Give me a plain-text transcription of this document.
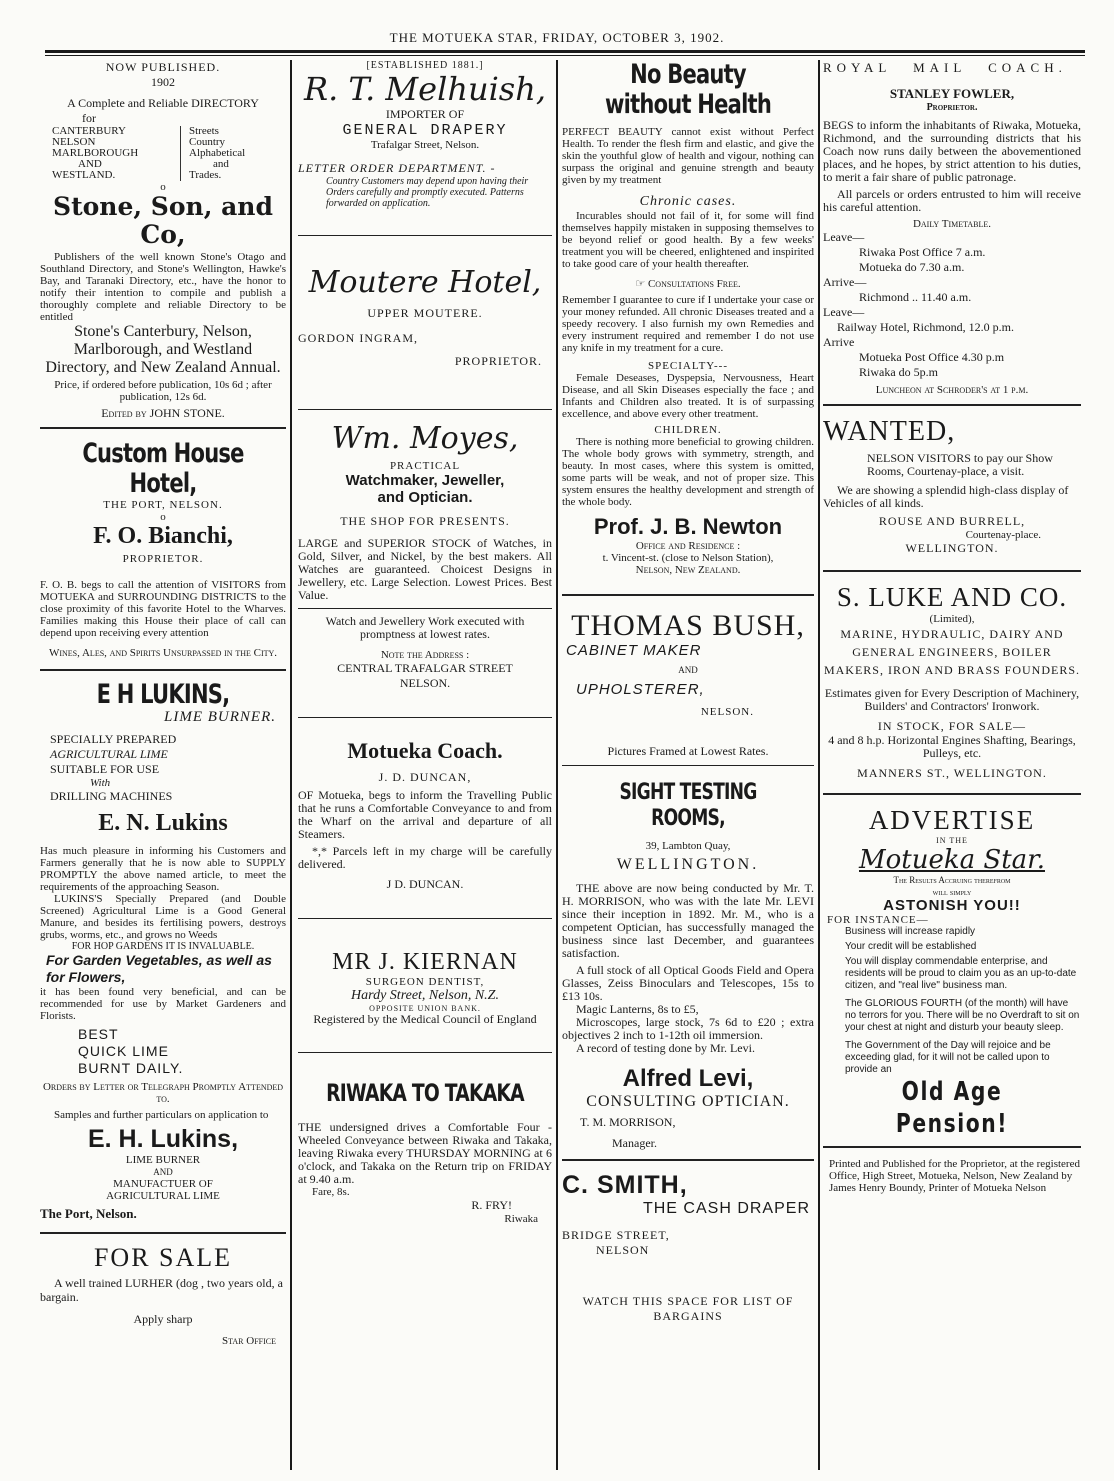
THE MOTUEKA STAR, FRIDAY, OCTOBER 3, 1902.

NOW PUBLISHED.

1902

A Complete and Reliable DIRECTORY

for

CANTERBURY
NELSON
MARLBOROUGH
AND
WESTLAND.
Streets
Country
Alphabetical
and
Trades.

o

Stone, Son, and Co,

Publishers of the well known Stone's Otago and Southland Directory, and Stone's Wellington, Hawke's Bay, and Taranaki Directory, etc., have the honor to notify their intention to compile and publish a thoroughly complete and reliable Directory to be entitled

Stone's Canterbury, Nelson, Marlborough, and Westland Directory, and New Zealand Annual.

Price, if ordered before publication, 10s 6d ; after publication, 12s 6d.

Edited by JOHN STONE.

Custom House Hotel,

THE PORT, NELSON.

o

F. O. Bianchi,

PROPRIETOR.

F. O. B. begs to call the attention of VISITORS from MOTUEKA and SURROUNDING DISTRICTS to the close proximity of this favorite Hotel to the Wharves. Families making this House their place of call can depend upon receiving every attention

Wines, Ales, and Spirits Unsurpassed in the City.

E H LUKINS,

LIME BURNER.

SPECIALLY PREPARED

AGRICULTURAL LIME

SUITABLE FOR USE

With

DRILLING MACHINES

E. N. Lukins

Has much pleasure in informing his Customers and Farmers generally that he is now able to SUPPLY PROMPTLY the above named article, to meet the requirements of the approaching Season.

LUKINS'S Specially Prepared (and Double Screened) Agricultural Lime is a Good General Manure, and besides its fertilising powers, destroys grubs, worms, etc., and grows no Weeds

FOR HOP GARDENS IT IS INVALUABLE.

For Garden Vegetables, as well as for Flowers,

it has been found very beneficial, and can be recommended for use by Market Gardeners and Florists.

BEST

QUICK LIME

BURNT DAILY.

Orders by Letter or Telegraph Promptly Attended to.

Samples and further particulars on application to

E. H. Lukins,

LIME BURNER

AND

MANUFACTUER OF

AGRICULTURAL LIME

The Port, Nelson.

FOR SALE

A well trained LURHER (dog , two years old, a bargain.

Apply sharp

Star Office

[ESTABLISHED 1881.]

R. T. Melhuish,

IMPORTER OF

GENERAL DRAPERY

Trafalgar Street, Nelson.

LETTER ORDER DEPARTMENT. -

Country Customers may depend upon having their Orders carefully and promptly executed. Patterns forwarded on application.

Moutere Hotel,

UPPER MOUTERE.

GORDON INGRAM,

PROPRIETOR.

Wm. Moyes,

PRACTICAL

Watchmaker, Jeweller,

and Optician.

THE SHOP FOR PRESENTS.

LARGE and SUPERIOR STOCK of Watches, in Gold, Silver, and Nickel, by the best makers. All Watches are guaranteed. Choicest Designs in Jewellery, etc. Large Selection. Lowest Prices. Best Value.

Watch and Jewellery Work executed with promptness at lowest rates.

Note the Address :

CENTRAL TRAFALGAR STREET

NELSON.

Motueka Coach.

J. D. DUNCAN,

OF Motueka, begs to inform the Travelling Public that he runs a Comfortable Conveyance to and from the Wharf on the arrival and departure of all Steamers.

*,* Parcels left in my charge will be carefully delivered.

J D. DUNCAN.

MR J. KIERNAN

SURGEON DENTIST,

Hardy Street, Nelson, N.Z.

OPPOSITE UNION BANK.

Registered by the Medical Council of England

RIWAKA TO TAKAKA

THE undersigned drives a Comfortable Four - Wheeled Conveyance between Riwaka and Takaka, leaving Riwaka every THURSDAY MORNING at 6 o'clock, and Takaka on the Return trip on FRIDAY at 9.40 a.m.

Fare, 8s.

R. FRY!

Riwaka

No Beauty without Health

PERFECT BEAUTY cannot exist without Perfect Health. To render the flesh firm and elastic, and give the skin the youthful glow of health and vigour, nothing can surpass the original and genuine strength and beauty given by my treatment

Chronic cases.

Incurables should not fail of it, for some will find themselves happily mistaken in supposing themselves to be beyond relief or good health. By a few weeks' treatment you will be cheered, enlightened and inspirited to take good care of your health thereafter.

☞ Consultations Free.

Remember I guarantee to cure if I undertake your case or your money refunded. All chronic Diseases treated and a speedy recovery. I also furnish my own Remedies and every instrument required and remember I do not use any knife in my treatment for a cure.

SPECIALTY---

Female Deseases, Dyspepsia, Nervousness, Heart Disease, and all Skin Diseases especially the face ; and Infants and Children also treated. It is of surpassing excellence, and above every other treatment.

CHILDREN.

There is nothing more beneficial to growing children. The whole body grows with symmetry, strength, and beauty. In most cases, where this system is omitted, some parts will be weak, and not of proper size. This system ensures the healthy development and strength of the whole body.

Prof. J. B. Newton

Office and Residence :

t. Vincent-st. (close to Nelson Station),

Nelson, New Zealand.

THOMAS BUSH,

CABINET MAKER

AND

UPHOLSTERER,

NELSON.

Pictures Framed at Lowest Rates.

SIGHT TESTING ROOMS,

39, Lambton Quay,

WELLINGTON.

THE above are now being conducted by Mr. T. H. MORRISON, who was with the late Mr. LEVI since their inception in 1892. Mr. M., who is a competent Optician, has successfully managed the business since last December, and guarantees satisfaction.

A full stock of all Optical Goods Field and Opera Glasses, Zeiss Binoculars and Telescopes, 15s to £13 10s.

Magic Lanterns, 8s to £5,

Microscopes, large stock, 7s 6d to £20 ; extra objectives 2 inch to 1-12th oil immersion.

A record of testing done by Mr. Levi.

Alfred Levi,

CONSULTING OPTICIAN.

T. M. MORRISON,

Manager.

C. SMITH,

THE CASH DRAPER

BRIDGE STREET,

NELSON

WATCH THIS SPACE FOR LIST OF BARGAINS

ROYAL MAIL COACH.

STANLEY FOWLER,

Proprietor.

BEGS to inform the inhabitants of Riwaka, Motueka, Richmond, and the surrounding districts that his Coach now runs daily between the abovementioned places, and he hopes, by strict attention to his duties, to merit a fair share of public patronage.

All parcels or orders entrusted to him will receive his careful attention.

Daily Timetable.

Leave—

Riwaka Post Office 7 a.m.

Motueka do 7.30 a.m.

Arrive—

Richmond .. 11.40 a.m.

Leave—

Railway Hotel, Richmond, 12.0 p.m.

Arrive

Motueka Post Office 4.30 p.m

Riwaka do 5p.m

Luncheon at Schroder's at 1 p.m.

WANTED,

NELSON VISITORS to pay our Show Rooms, Courtenay-place, a visit.

We are showing a splendid high-class display of Vehicles of all kinds.

ROUSE AND BURRELL,

Courtenay-place.

WELLINGTON.

S. LUKE AND CO.

(Limited),

MARINE, HYDRAULIC, DAIRY AND GENERAL ENGINEERS, BOILER MAKERS, IRON AND BRASS FOUNDERS.

Estimates given for Every Description of Machinery, Builders' and Contractors' Ironwork.

IN STOCK, FOR SALE—

4 and 8 h.p. Horizontal Engines Shafting, Bearings, Pulleys, etc.

MANNERS ST., WELLINGTON.

ADVERTISE

IN THE

Motueka Star.

The Results Accruing therefrom

will simply

ASTONISH YOU!!

FOR INSTANCE—

Business will increase rapidly

Your credit will be established

You will display commendable enterprise, and residents will be proud to claim you as an up-to-date citizen, and "real live" business man.

The GLORIOUS FOURTH (of the month) will have no terrors for you. There will be no Overdraft to sit on your chest at night and disturb your beauty sleep.

The Government of the Day will rejoice and be exceeding glad, for it will not be called upon to provide an

Old Age Pension!

Printed and Published for the Proprietor, at the registered Office, High Street, Motueka, Nelson, New Zealand by James Henry Boundy, Printer of Motueka Nelson
